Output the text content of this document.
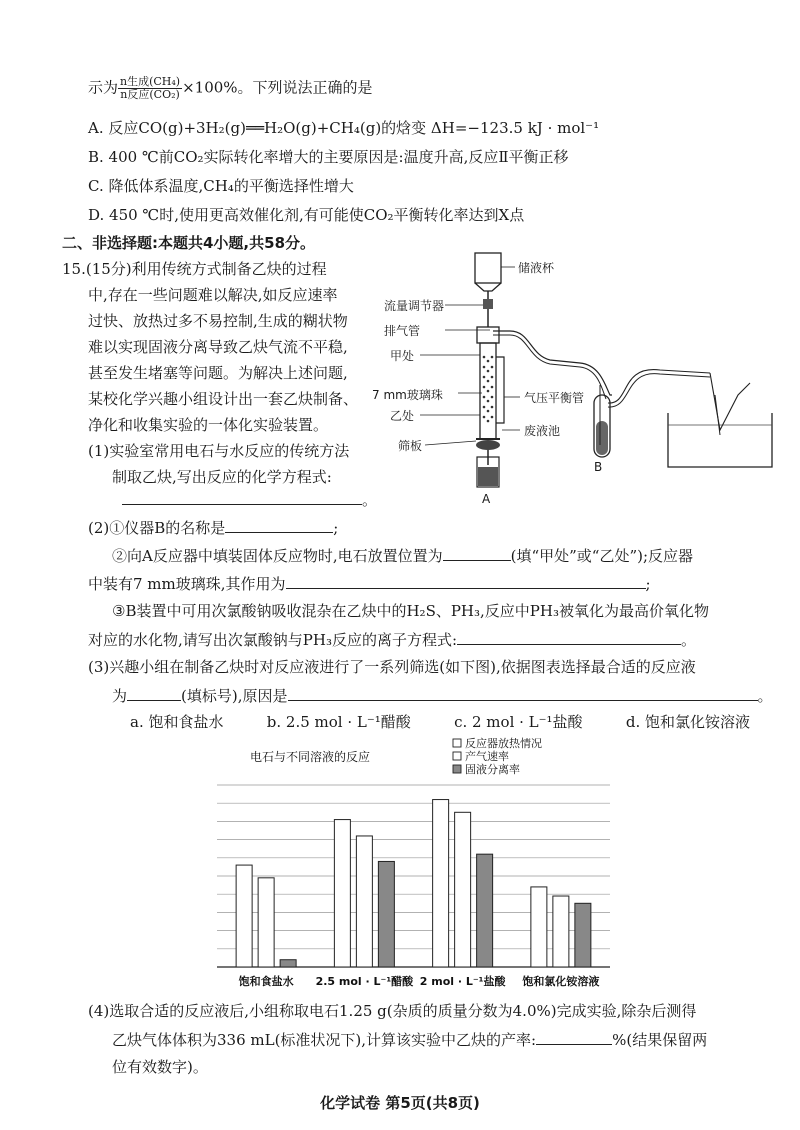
示为 $\frac{\text{n生成(CH₄)}}{\text{n反应(CO₂)}} \times 100\%$。下列说法正确的是
A. 反应CO(g)+3H₂(g)══H₂O(g)+CH₄(g)的焓变 ΔH=−123.5 kJ · mol⁻¹
B. 400 ℃前CO₂实际转化率增大的主要原因是:温度升高,反应Ⅱ平衡正移
C. 降低体系温度,CH₄的平衡选择性增大
D. 450 ℃时,使用更高效催化剂,有可能使CO₂平衡转化率达到X点
二、非选择题:本题共4小题,共58分。
15.(15分)利用传统方式制备乙炔的过程
中,存在一些问题难以解决,如反应速率
过快、放热过多不易控制,生成的糊状物
难以实现固液分离导致乙炔气流不平稳,
甚至发生堵塞等问题。为解决上述问题,
某校化学兴趣小组设计出一套乙炔制备、
净化和收集实验的一体化实验装置。
(1)实验室常用电石与水反应的传统方法
制取乙炔,写出反应的化学方程式:
。
储液杯
流量调节器
排气管
甲处
7 mm玻璃珠	气压平衡管
乙处
废液池
筛板
A
B
(2)①仪器B的名称是	;
②向A反应器中填装固体反应物时,电石放置位置为	(填“甲处”或“乙处”);反应器
中装有7 mm玻璃珠,其作用为	;
③B装置中可用次氯酸钠吸收混杂在乙炔中的H₂S、PH₃,反应中PH₃被氧化为最高价氧化物
对应的水化物,请写出次氯酸钠与PH₃反应的离子方程式:	。
(3)兴趣小组在制备乙炔时对反应液进行了一系列筛选(如下图),依据图表选择最合适的反应液
为	(填标号),原因是	。
a. 饱和食盐水	b. 2.5 mol · L⁻¹醋酸	c. 2 mol · L⁻¹盐酸	d. 饱和氯化铵溶液
电石与不同溶液的反应
反应器放热情况
产气速率
固液分离率
饱和食盐水 2.5 mol · L⁻¹醋酸 2 mol · L⁻¹盐酸 饱和氯化铵溶液
(4)选取合适的反应液后,小组称取电石1.25 g(杂质的质量分数为4.0%)完成实验,除杂后测得
乙炔气体体积为336 mL(标准状况下),计算该实验中乙炔的产率:	%(结果保留两
位有效数字)。
化学试卷 第5页(共8页)
